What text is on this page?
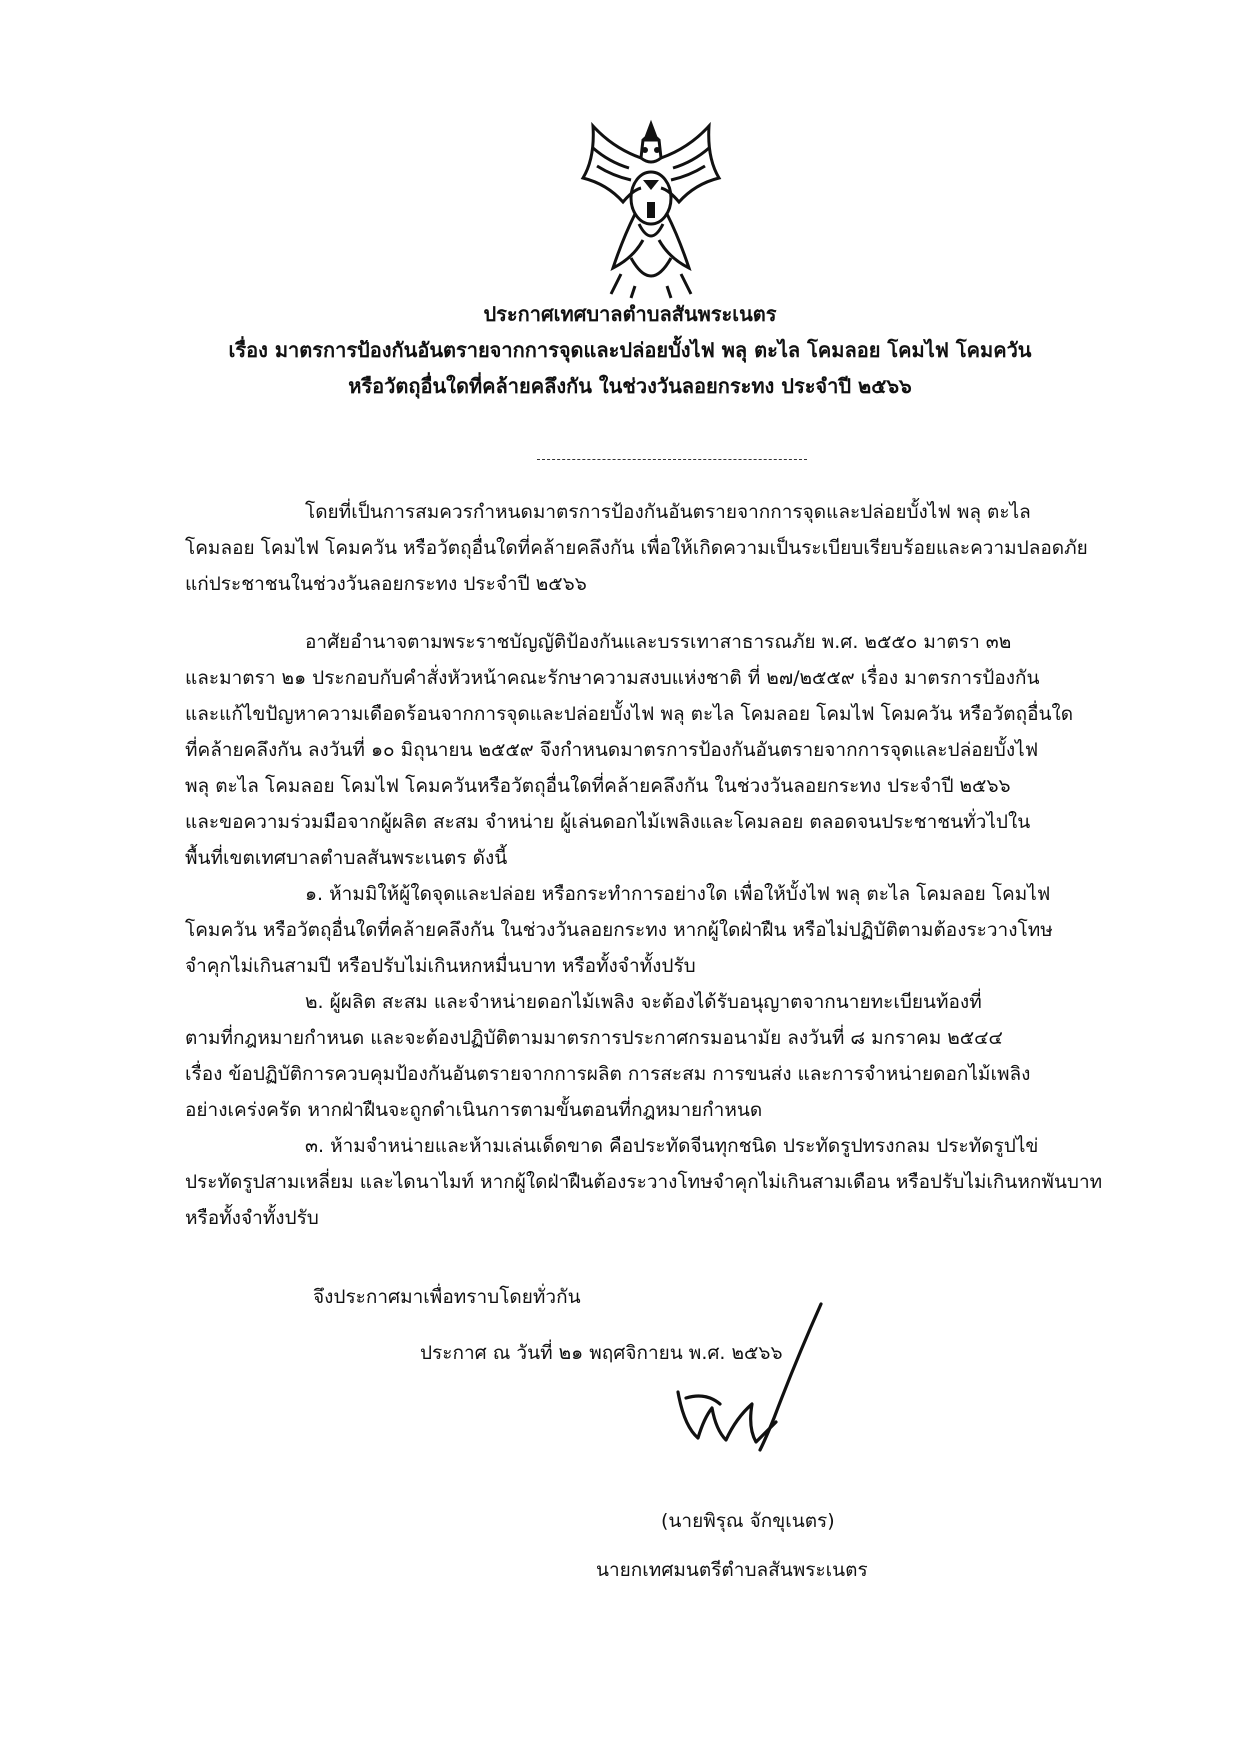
ประกาศเทศบาลตำบลสันพระเนตร
เรื่อง มาตรการป้องกันอันตรายจากการจุดและปล่อยบั้งไฟ พลุ ตะไล โคมลอย โคมไฟ โคมควัน
หรือวัตถุอื่นใดที่คล้ายคลึงกัน ในช่วงวันลอยกระทง ประจำปี ๒๕๖๖
โดยที่เป็นการสมควรกำหนดมาตรการป้องกันอันตรายจากการจุดและปล่อยบั้งไฟ พลุ ตะไล
โคมลอย โคมไฟ โคมควัน หรือวัตถุอื่นใดที่คล้ายคลึงกัน เพื่อให้เกิดความเป็นระเบียบเรียบร้อยและความปลอดภัย
แก่ประชาชนในช่วงวันลอยกระทง ประจำปี ๒๕๖๖
อาศัยอำนาจตามพระราชบัญญัติป้องกันและบรรเทาสาธารณภัย พ.ศ. ๒๕๕๐ มาตรา ๓๒
และมาตรา ๒๑ ประกอบกับคำสั่งหัวหน้าคณะรักษาความสงบแห่งชาติ ที่ ๒๗/๒๕๕๙ เรื่อง มาตรการป้องกัน
และแก้ไขปัญหาความเดือดร้อนจากการจุดและปล่อยบั้งไฟ พลุ ตะไล โคมลอย โคมไฟ โคมควัน หรือวัตถุอื่นใด
ที่คล้ายคลึงกัน ลงวันที่ ๑๐ มิถุนายน ๒๕๕๙ จึงกำหนดมาตรการป้องกันอันตรายจากการจุดและปล่อยบั้งไฟ
พลุ ตะไล โคมลอย โคมไฟ โคมควันหรือวัตถุอื่นใดที่คล้ายคลึงกัน ในช่วงวันลอยกระทง ประจำปี ๒๕๖๖
และขอความร่วมมือจากผู้ผลิต สะสม จำหน่าย ผู้เล่นดอกไม้เพลิงและโคมลอย ตลอดจนประชาชนทั่วไปใน
พื้นที่เขตเทศบาลตำบลสันพระเนตร ดังนี้
๑. ห้ามมิให้ผู้ใดจุดและปล่อย หรือกระทำการอย่างใด เพื่อให้บั้งไฟ พลุ ตะไล โคมลอย โคมไฟ
โคมควัน หรือวัตถุอื่นใดที่คล้ายคลึงกัน ในช่วงวันลอยกระทง หากผู้ใดฝ่าฝืน หรือไม่ปฏิบัติตามต้องระวางโทษ
จำคุกไม่เกินสามปี หรือปรับไม่เกินหกหมื่นบาท หรือทั้งจำทั้งปรับ
๒. ผู้ผลิต สะสม และจำหน่ายดอกไม้เพลิง จะต้องได้รับอนุญาตจากนายทะเบียนท้องที่
ตามที่กฎหมายกำหนด และจะต้องปฏิบัติตามมาตรการประกาศกรมอนามัย ลงวันที่ ๘ มกราคม ๒๕๔๔
เรื่อง ข้อปฏิบัติการควบคุมป้องกันอันตรายจากการผลิต การสะสม การขนส่ง และการจำหน่ายดอกไม้เพลิง
อย่างเคร่งครัด หากฝ่าฝืนจะถูกดำเนินการตามขั้นตอนที่กฎหมายกำหนด
๓. ห้ามจำหน่ายและห้ามเล่นเด็ดขาด คือประทัดจีนทุกชนิด ประทัดรูปทรงกลม ประทัดรูปไข่
ประทัดรูปสามเหลี่ยม และไดนาไมท์ หากผู้ใดฝ่าฝืนต้องระวางโทษจำคุกไม่เกินสามเดือน หรือปรับไม่เกินหกพันบาท
หรือทั้งจำทั้งปรับ
จึงประกาศมาเพื่อทราบโดยทั่วกัน
ประกาศ ณ วันที่ ๒๑ พฤศจิกายน พ.ศ. ๒๕๖๖
(นายพิรุณ จักขุเนตร)
นายกเทศมนตรีตำบลสันพระเนตร
